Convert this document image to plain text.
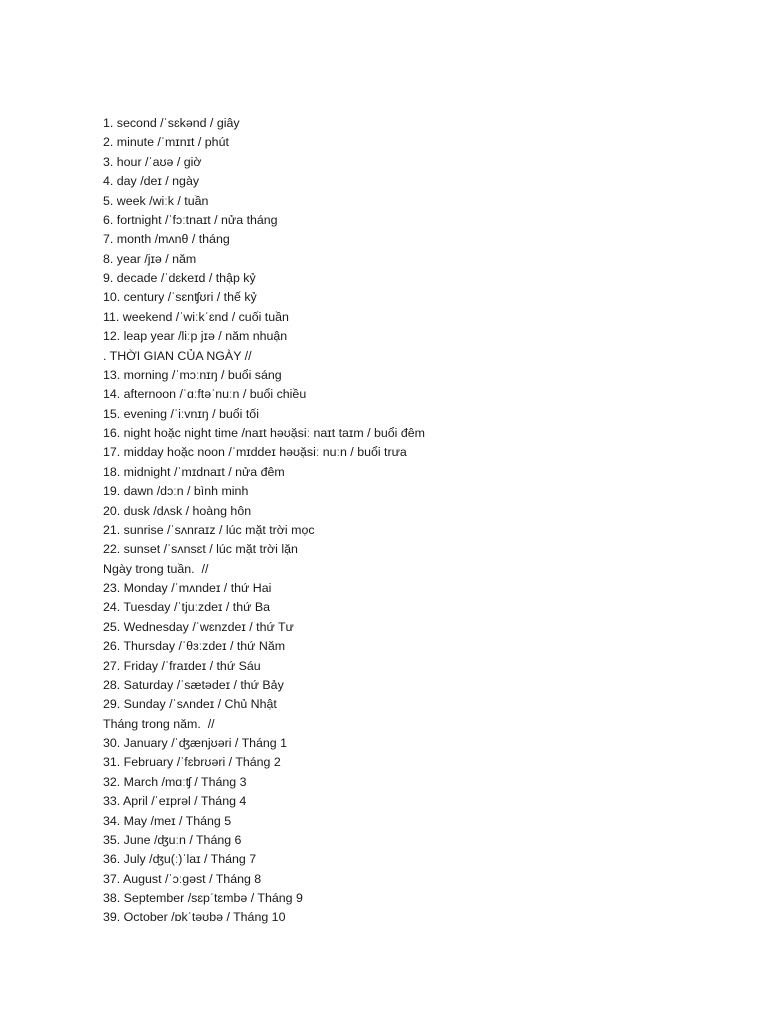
1. second /ˈsɛkənd / giây
2. minute /ˈmɪnɪt / phút
3. hour /ˈaʊə / giờ
4. day /deɪ / ngày
5. week /wiːk / tuần
6. fortnight /ˈfɔːtnaɪt / nửa tháng
7. month /mʌnθ / tháng
8. year /jɪə / năm
9. decade /ˈdɛkeɪd / thập kỷ
10. century /ˈsɛnʧʊri / thế kỷ
11. weekend /ˈwiːkˈɛnd / cuối tuần
12. leap year /liːp jɪə / năm nhuận
. THỜI GIAN CỦA NGÀY //
13. morning /ˈmɔːnɪŋ / buổi sáng
14. afternoon /ˈɑːftəˈnuːn / buổi chiều
15. evening /ˈiːvnɪŋ / buổi tối
16. night hoặc night time /naɪt həʊặsiː naɪt taɪm / buổi đêm
17. midday hoặc noon /ˈmɪddeɪ həʊặsiː nuːn / buổi trưa
18. midnight /ˈmɪdnaɪt / nửa đêm
19. dawn /dɔːn / bình minh
20. dusk /dʌsk / hoàng hôn
21. sunrise /ˈsʌnraɪz / lúc mặt trời mọc
22. sunset /ˈsʌnsɛt / lúc mặt trời lặn
Ngày trong tuần.  //
23. Monday /ˈmʌndeɪ / thứ Hai
24. Tuesday /ˈtjuːzdeɪ / thứ Ba
25. Wednesday /ˈwɛnzdeɪ / thứ Tư
26. Thursday /ˈθɜːzdeɪ / thứ Năm
27. Friday /ˈfraɪdeɪ / thứ Sáu
28. Saturday /ˈsætədeɪ / thứ Bảy
29. Sunday /ˈsʌndeɪ / Chủ Nhật
Tháng trong năm.  //
30. January /ˈʤænjʊəri / Tháng 1
31. February /ˈfɛbrʊəri / Tháng 2
32. March /mɑːʧ / Tháng 3
33. April /ˈeɪprəl / Tháng 4
34. May /meɪ / Tháng 5
35. June /ʤuːn / Tháng 6
36. July /ʤu(ː)ˈlaɪ / Tháng 7
37. August /ˈɔːgəst / Tháng 8
38. September /sɛpˈtɛmbə / Tháng 9
39. October /ɒkˈtəʊbə / Tháng 10
